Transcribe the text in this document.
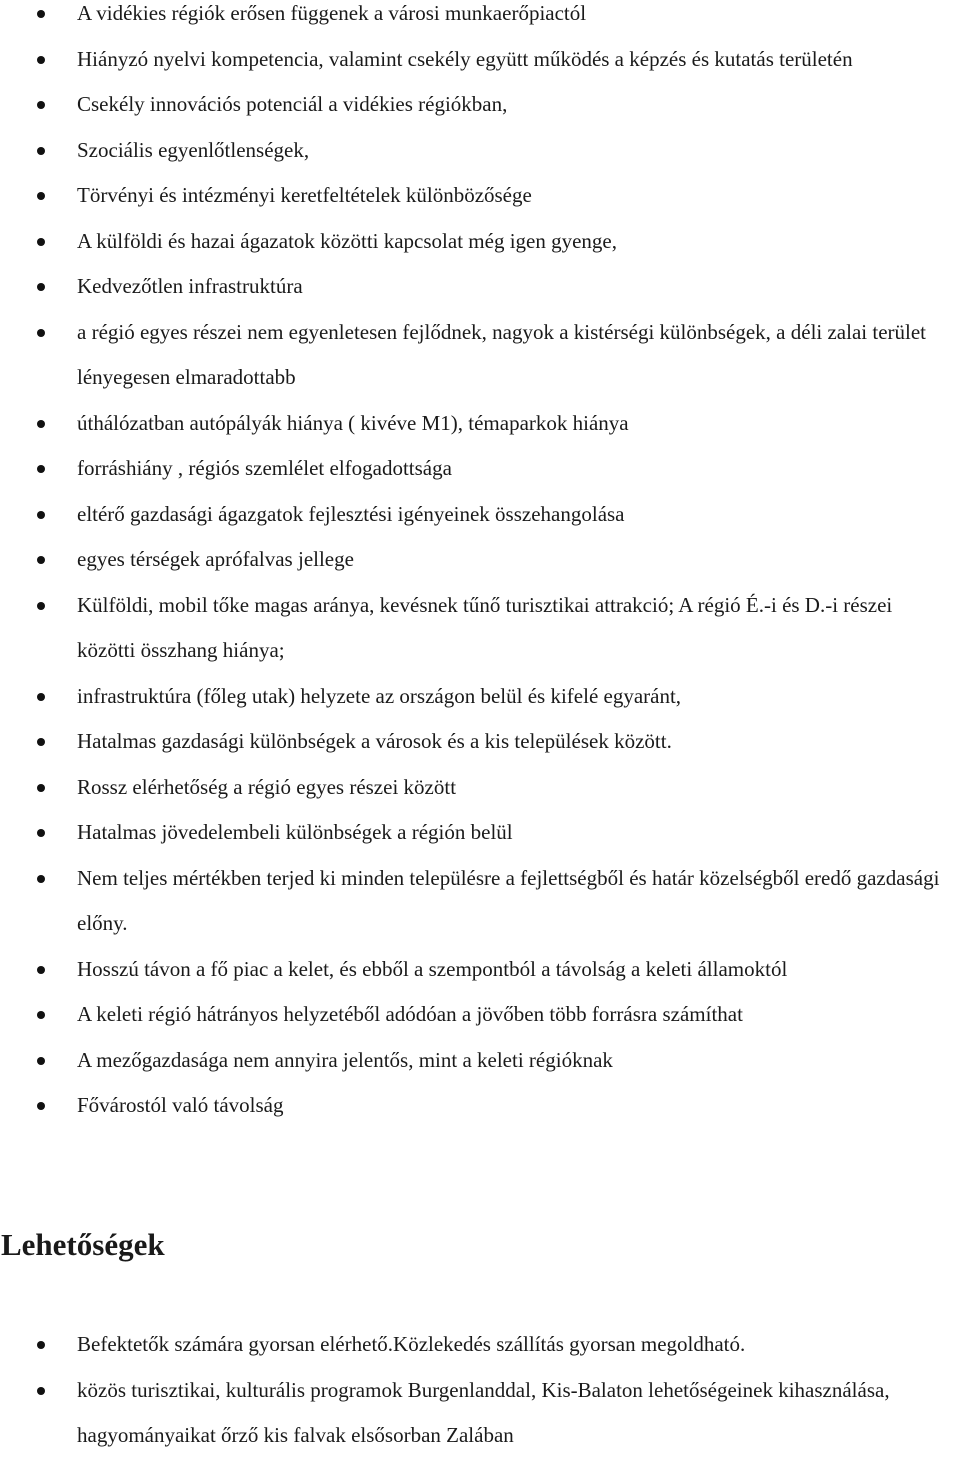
A vidékies régiók erősen függenek a városi munkaerőpiactól
Hiányzó nyelvi kompetencia, valamint csekély együtt működés a képzés és kutatás területén
Csekély innovációs potenciál a vidékies régiókban,
Szociális egyenlőtlenségek,
Törvényi és intézményi keretfeltételek különbözősége
A külföldi és hazai ágazatok közötti kapcsolat még igen gyenge,
Kedvezőtlen infrastruktúra
a régió egyes részei nem egyenletesen fejlődnek, nagyok a kistérségi különbségek, a déli zalai terület lényegesen elmaradottabb
úthálózatban autópályák hiánya ( kivéve M1), témaparkok hiánya
forráshiány , régiós szemlélet elfogadottsága
eltérő gazdasági ágazgatok fejlesztési igényeinek összehangolása
egyes térségek aprófalvas jellege
Külföldi, mobil tőke magas aránya, kevésnek tűnő turisztikai attrakció; A régió É.-i és D.-i részei közötti összhang hiánya;
infrastruktúra (főleg utak) helyzete az országon belül és kifelé egyaránt,
Hatalmas gazdasági különbségek a városok és a kis települések között.
Rossz elérhetőség a régió egyes részei között
Hatalmas jövedelembeli különbségek a régión belül
Nem teljes mértékben terjed ki minden településre a fejlettségből és határ közelségből eredő gazdasági előny.
Hosszú távon a fő piac a kelet, és ebből a szempontból a távolság a keleti államoktól
A keleti régió hátrányos helyzetéből adódóan a jövőben több forrásra számíthat
A mezőgazdasága nem annyira jelentős, mint a keleti régióknak
Fővárostól való távolság
Lehetőségek
Befektetők számára gyorsan elérhető.Közlekedés szállítás gyorsan megoldható.
közös turisztikai, kulturális programok Burgenlanddal, Kis-Balaton lehetőségeinek kihasználása, hagyományaikat őrző kis falvak elsősorban Zalában
